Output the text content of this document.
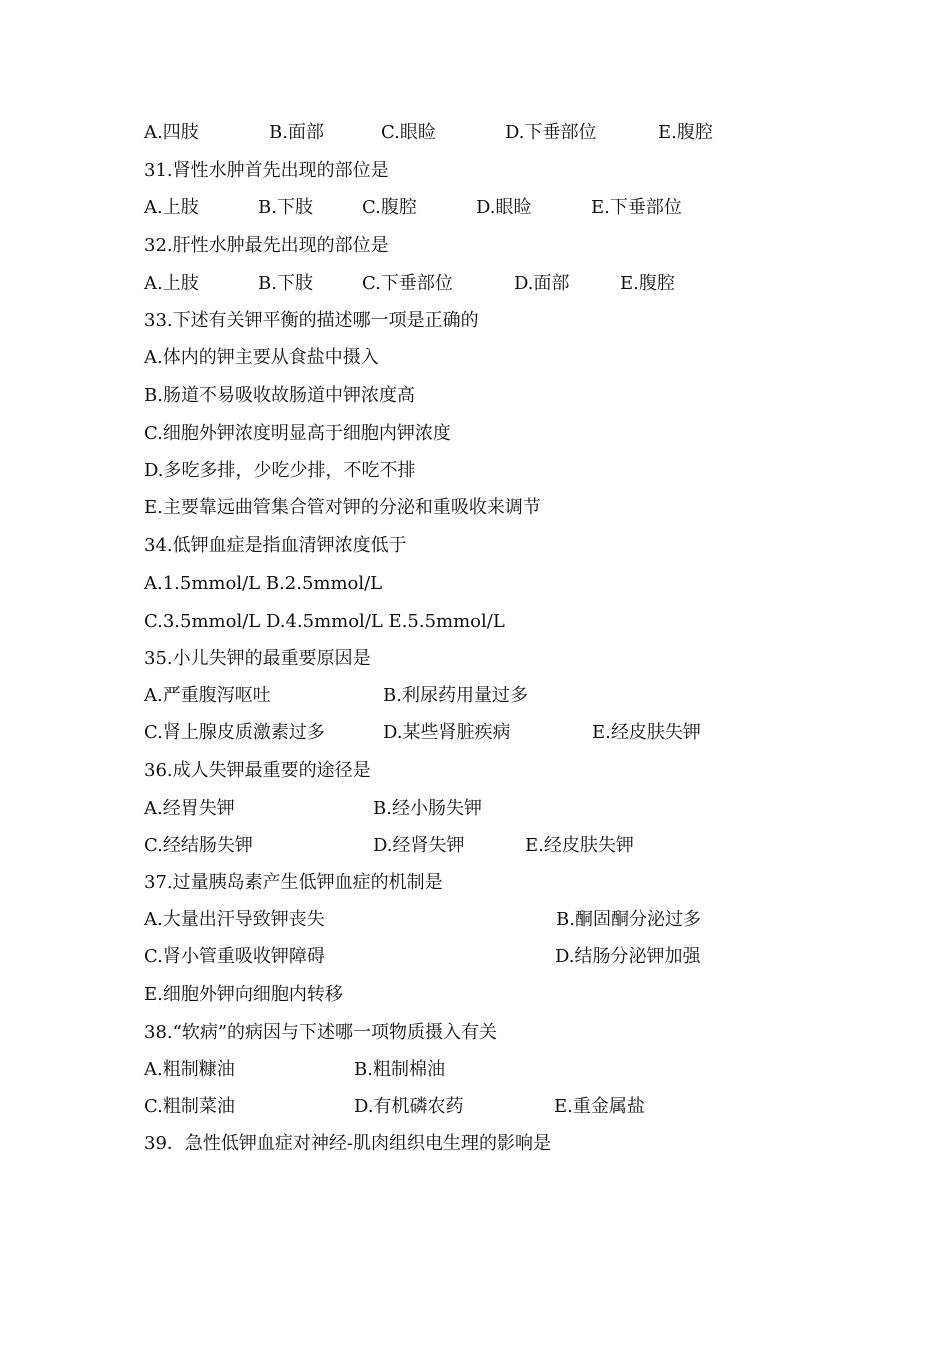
A.四肢	B.面部	C.眼睑	D.下垂部位	E.腹腔
31.肾性水肿首先出现的部位是
A.上肢	B.下肢	C.腹腔	D.眼睑	E.下垂部位
32.肝性水肿最先出现的部位是
A.上肢	B.下肢	C.下垂部位	D.面部	E.腹腔
33.下述有关钾平衡的描述哪一项是正确的
A.体内的钾主要从食盐中摄入
B.肠道不易吸收故肠道中钾浓度高
C.细胞外钾浓度明显高于细胞内钾浓度
D.多吃多排，少吃少排，不吃不排
E.主要靠远曲管集合管对钾的分泌和重吸收来调节
34.低钾血症是指血清钾浓度低于
A.1.5mmol/L B.2.5mmol/L
C.3.5mmol/L D.4.5mmol/L E.5.5mmol/L
35.小儿失钾的最重要原因是
A.严重腹泻呕吐	B.利尿药用量过多
C.肾上腺皮质激素过多	D.某些肾脏疾病	E.经皮肤失钾
36.成人失钾最重要的途径是
A.经胃失钾	B.经小肠失钾
C.经结肠失钾	D.经肾失钾	E.经皮肤失钾
37.过量胰岛素产生低钾血症的机制是
A.大量出汗导致钾丧失	B.酮固酮分泌过多
C.肾小管重吸收钾障碍	D.结肠分泌钾加强
E.细胞外钾向细胞内转移
38.“软病”的病因与下述哪一项物质摄入有关
A.粗制糠油	B.粗制棉油
C.粗制菜油	D.有机磷农药	E.重金属盐
39．急性低钾血症对神经-肌肉组织电生理的影响是
